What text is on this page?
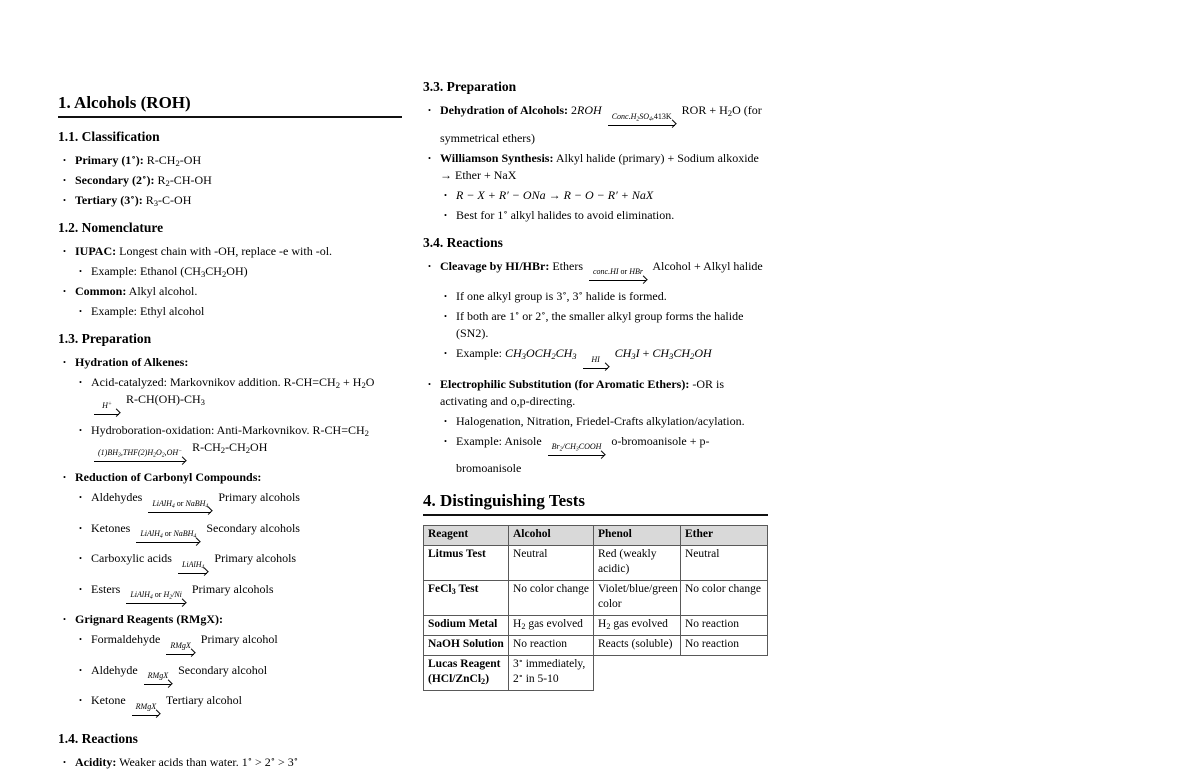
1. Alcohols (ROH)
1.1. Classification
• Primary (1∘): $R-CH_2-OH$
• Secondary (2∘): $R_2-CH-OH$
• Tertiary (3∘): $R_3-C-OH$
1.2. Nomenclature
• IUPAC: Longest chain with -OH, replace -e with -ol.
• Example: Ethanol $(CH_3CH_2OH)$
• Common: Alkyl alcohol.
• Example: Ethyl alcohol
1.3. Preparation
• Hydration of Alkenes:
• Acid-catalyzed: Markovnikov addition. $R-CH=CH_2 + H_2O$
H+ $R-CH(OH)-CH_3$
• Hydroboration-oxidation: Anti-Markovnikov. $R-CH=CH_2$
$(1)BH_3,THF(2)H_2O_2,OH^-$ $R-CH_2-CH_2OH$
• Reduction of Carbonyl Compounds:
• Aldehydes LiAlH$_4$ or NaBH$_4$
Primary alcohols
• Ketones LiAlH$_4$ or NaBH$_4$
Secondary alcohols
• Carboxylic acids LiAlH$_4$
Primary alcohols
• Esters LiAlH$_4$ or $H_2/Ni$ Primary alcohols
• Grignard Reagents (RMgX):
• Formaldehyde RMgX Primary alcohol
• Aldehyde RMgX Secondary alcohol
• Ketone RMgX Tertiary alcohol
1.4. Reactions
• Acidity: Weaker acids than water. 1∘ > 2∘ > 3∘
3.3. Preparation
• Dehydration of Alcohols: 2ROH	$Conc.H_2SO_4,413K$ ROR + $H_2O$ (for symmetrical ethers)
• Williamson Synthesis: Alkyl halide (primary) + Sodium alkoxide → Ether + NaX
• R − X + R′ − ONa → R − O − R′ + NaX
• Best for 1∘ alkyl halides to avoid elimination.
3.4. Reactions
• Cleavage by HI/HBr: Ethers conc.HI or HBr Alcohol + Alkyl halide
• If one alkyl group is 3∘, 3∘ halide is formed.
• If both are 1∘ or 2∘, the smaller alkyl group forms the halide (SN2).
• Example: $CH_3OCH_2CH_3$	HI	$CH_3I + CH_3CH_2OH$
• Electrophilic Substitution (for Aromatic Ethers): -OR is activating and o,p-directing.
• Halogenation, Nitration, Friedel-Crafts alkylation/acylation.
• Example: Anisole $Br_2/CH_3COOH$ o-bromoanisole + p-bromoanisole
4. Distinguishing Tests
Reagent	Alcohol	Phenol	Ether
Litmus Test	Neutral	Red (weakly acidic)	Neutral
FeCl$_3$ Test	No color change	Violet/blue/green color	No color change
Sodium Metal	$H_2$ gas evolved	$H_2$ gas evolved	No reaction
NaOH Solution	No reaction	Reacts (soluble)	No reaction
Lucas Reagent (HCl/ZnCl$_2$)	3∘ immediately, 2∘ in 5-10		
